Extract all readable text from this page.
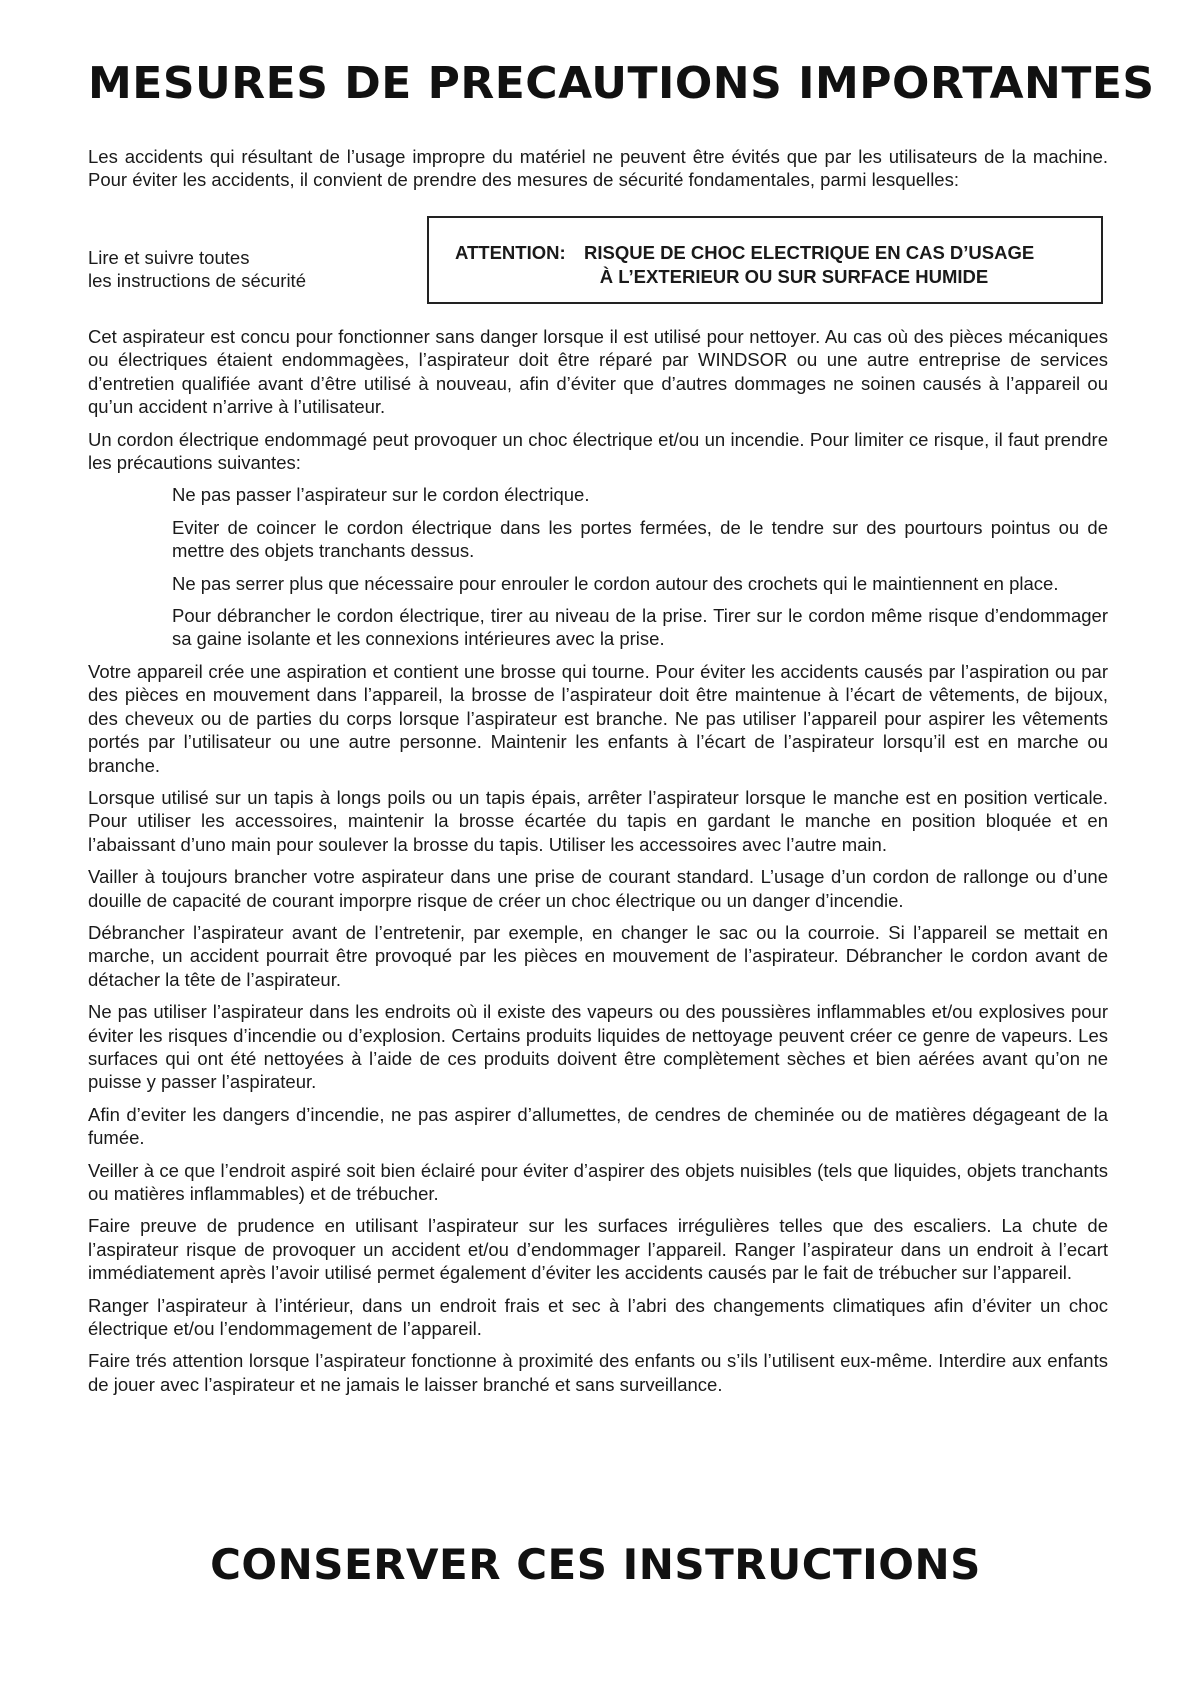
MESURES DE PRECAUTIONS IMPORTANTES

Les accidents qui résultant de l’usage impropre du matériel ne peuvent être évités que par les utilisateurs de la machine. Pour éviter les accidents, il convient de prendre des mesures de sécurité fondamentales, parmi lesquelles:

Lire et suivre toutes
les instructions de sécurité
ATTENTION: RISQUE DE CHOC ELECTRIQUE EN CAS D’USAGE
À L’EXTERIEUR OU SUR SURFACE HUMIDE

Cet aspirateur est concu pour fonctionner sans danger lorsque il est utilisé pour nettoyer. Au cas où des pièces mécaniques ou électriques étaient endommagèes, l’aspirateur doit être réparé par WINDSOR ou une autre entreprise de services d’entretien qualifiée avant d’être utilisé à nouveau, afin d’éviter que d’autres dommages ne soinen causés à l’appareil ou qu’un accident n’arrive à l’utilisateur.

Un cordon électrique endommagé peut provoquer un choc électrique et/ou un incendie. Pour limiter ce risque, il faut prendre les précautions suivantes:

Ne pas passer l’aspirateur sur le cordon électrique.

Eviter de coincer le cordon électrique dans les portes fermées, de le tendre sur des pourtours pointus ou de mettre des objets tranchants dessus.

Ne pas serrer plus que nécessaire pour enrouler le cordon autour des crochets qui le maintiennent en place.

Pour débrancher le cordon électrique, tirer au niveau de la prise. Tirer sur le cordon même risque d’endommager sa gaine isolante et les connexions intérieures avec la prise.

Votre appareil crée une aspiration et contient une brosse qui tourne. Pour éviter les accidents causés par l’aspiration ou par des pièces en mouvement dans l’appareil, la brosse de l’aspirateur doit être maintenue à l’écart de vêtements, de bijoux, des cheveux ou de parties du corps lorsque l’aspirateur est branche. Ne pas utiliser l’appareil pour aspirer les vêtements portés par l’utilisateur ou une autre personne. Maintenir les enfants à l’écart de l’aspirateur lorsqu’il est en marche ou branche.

Lorsque utilisé sur un tapis à longs poils ou un tapis épais, arrêter l’aspirateur lorsque le manche est en position verticale. Pour utiliser les accessoires, maintenir la brosse écartée du tapis en gardant le manche en position bloquée et en l’abaissant d’uno main pour soulever la brosse du tapis. Utiliser les accessoires avec l’autre main.

Vailler à toujours brancher votre aspirateur dans une prise de courant standard. L’usage d’un cordon de rallonge ou d’une douille de capacité de courant imporpre risque de créer un choc électrique ou un danger d’incendie.

Débrancher l’aspirateur avant de l’entretenir, par exemple, en changer le sac ou la courroie. Si l’appareil se mettait en marche, un accident pourrait être provoqué par les pièces en mouvement de l’aspirateur. Débrancher le cordon avant de détacher la tête de l’aspirateur.

Ne pas utiliser l’aspirateur dans les endroits où il existe des vapeurs ou des poussières inflammables et/ou explosives pour éviter les risques d’incendie ou d’explosion. Certains produits liquides de nettoyage peuvent créer ce genre de vapeurs. Les surfaces qui ont été nettoyées à l’aide de ces produits doivent être complètement sèches et bien aérées avant qu’on ne puisse y passer l’aspirateur.

Afin d’eviter les dangers d’incendie, ne pas aspirer d’allumettes, de cendres de cheminée ou de matières dégageant de la fumée.

Veiller à ce que l’endroit aspiré soit bien éclairé pour éviter d’aspirer des objets nuisibles (tels que liquides, objets tranchants ou matières inflammables) et de trébucher.

Faire preuve de prudence en utilisant l’aspirateur sur les surfaces irrégulières telles que des escaliers. La chute de l’aspirateur risque de provoquer un accident et/ou d’endommager l’appareil. Ranger l’aspirateur dans un endroit à l’ecart immédiatement après l’avoir utilisé permet également d’éviter les accidents causés par le fait de trébucher sur l’appareil.

Ranger l’aspirateur à l’intérieur, dans un endroit frais et sec à l’abri des changements climatiques afin d’éviter un choc électrique et/ou l’endommagement de l’appareil.

Faire trés attention lorsque l’aspirateur fonctionne à proximité des enfants ou s’ils l’utilisent eux-même. Interdire aux enfants de jouer avec l’aspirateur et ne jamais le laisser branché et sans surveillance.

CONSERVER CES INSTRUCTIONS
